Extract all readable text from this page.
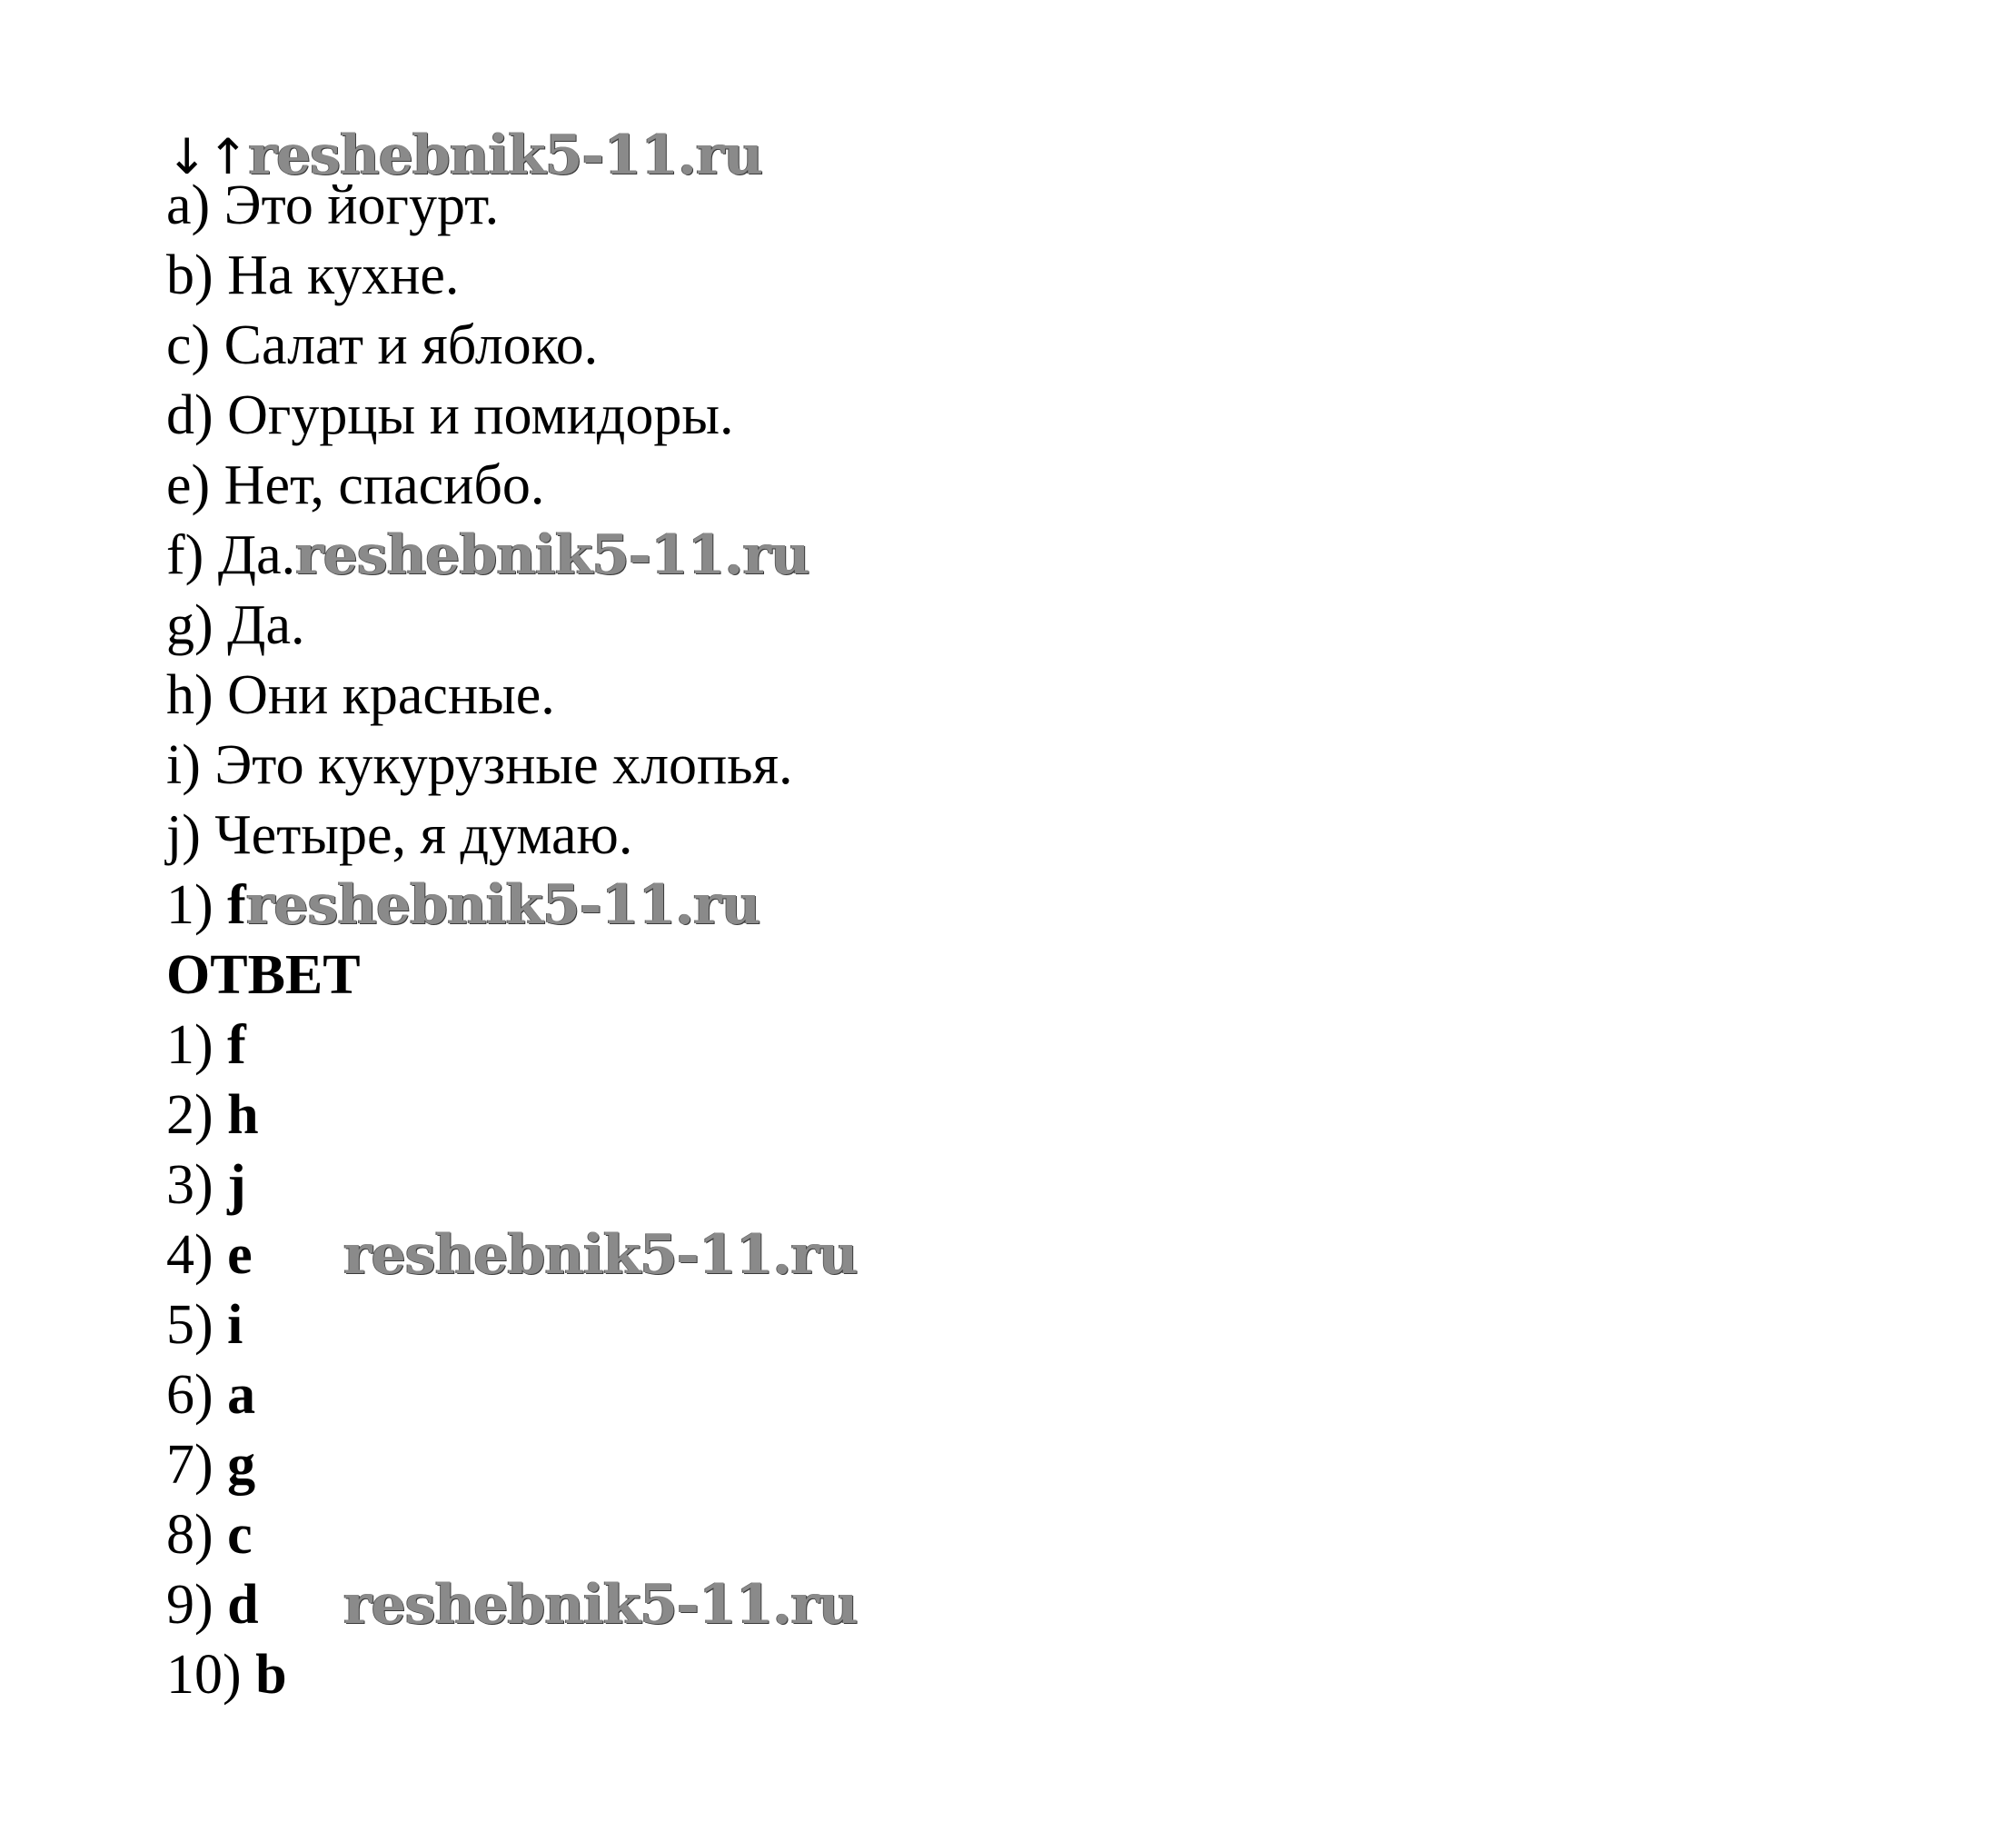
↓↑reshebnik5-11.ru
a) Это йогурт.
b) На кухне.
c) Салат и яблоко.
d) Огурцы и помидоры.
e) Нет, спасибо.
f) Да.reshebnik5-11.ru
g) Да.
h) Они красные.
i) Это кукурузные хлопья.
j) Четыре, я думаю.
1) freshebnik5-11.ru
ОТВЕТ
1) f
2) h
3) j
4) e reshebnik5-11.ru
5) i
6) a
7) g
8) c
9) d reshebnik5-11.ru
10) b
